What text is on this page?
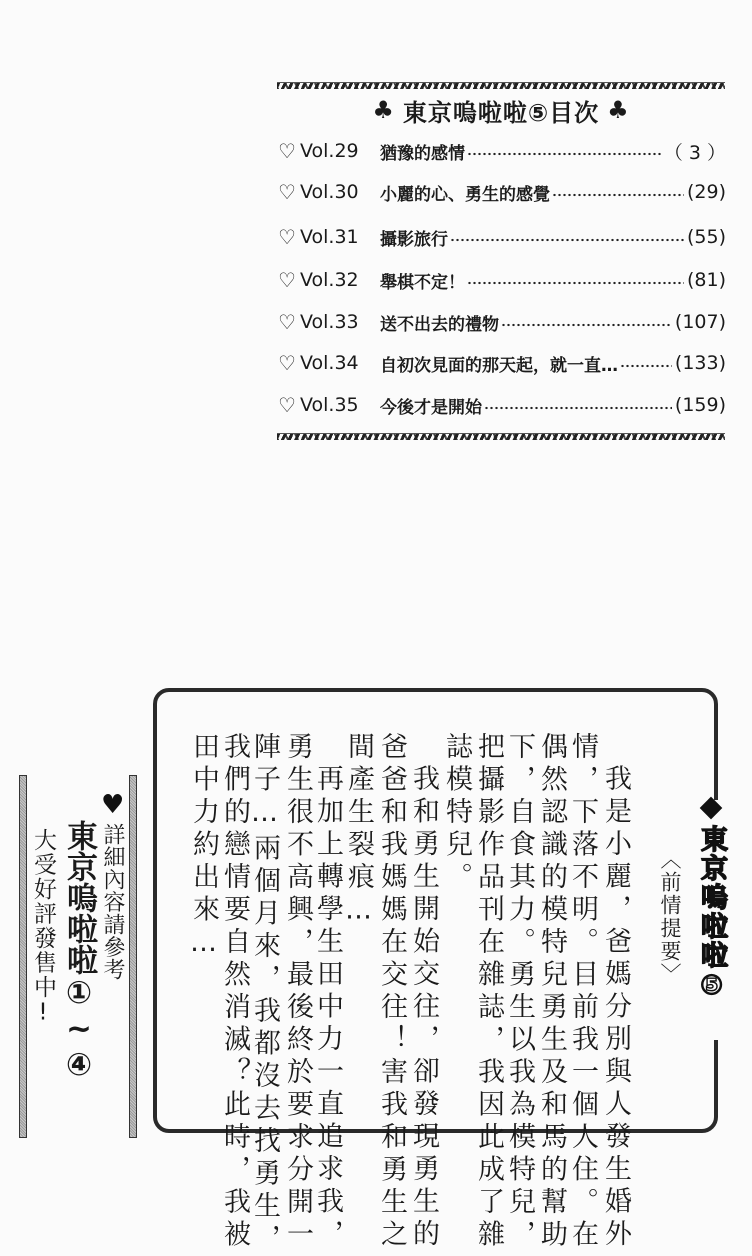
♣ 東京嗚啦啦⑤目次 ♣
♡ Vol.29	猶豫的感情	（ 3 ）
♡ Vol.30	小麗的心、勇生的感覺	(29)
♡ Vol.31	攝影旅行	(55)
♡ Vol.32	舉棋不定！	(81)
♡ Vol.33	送不出去的禮物	(107)
♡ Vol.34	自初次見面的那天起，就一直…	(133)
♡ Vol.35	今後才是開始	(159)
♥
詳細內容請參考
東京嗚啦啦①~④
大受好評發售中!	東京嗚啦啦⑤
〈前情提要〉
我是小麗，爸媽分別與人發生婚外
情，下落不明。目前我一個人住。在
偶然認識的模特兒勇生及和馬的幫助
下，自食其力。勇生以我為模特兒，
把攝影作品刊在雜誌，我因此成了雜
誌模特兒。
我和勇生開始交往，卻發現勇生的
爸爸和我媽媽在交往！害我和勇生之
間產生裂痕…
再加上轉學生田中力一直追求我，
勇生很不高興，最後終於要求分開一
陣子…兩個月來，我都沒去找勇生，
我們的戀情要自然消滅？此時，我被
田中力約出來…
